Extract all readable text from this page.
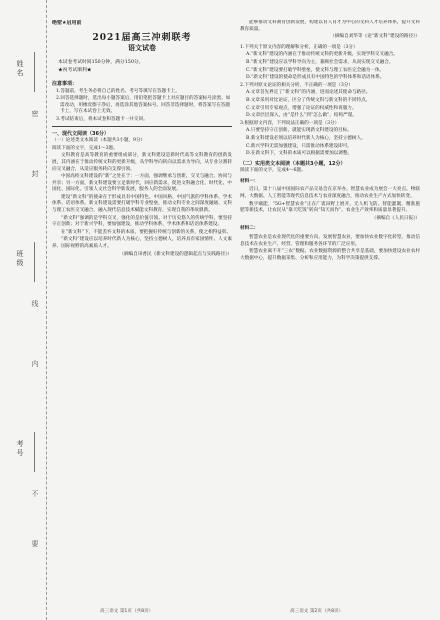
姓名
班级
考号
密
封
线
内
不
要
绝密★启用前
2021届高三冲刺联考
语文试卷
本试卷考试时间150分钟，满分150分。
★祝考试顺利★
注意事项：
1.答题前，考生务必将自己的姓名、考号等填写在答题卡上。
2.回答选择题时，选出每小题答案后，用铅笔把答题卡上对应题目的答案标号涂黑。如需改动，用橡皮擦干净后，再选涂其他答案标号。回答非选择题时，将答案写在答题卡上，写在本试卷上无效。
3.考试结束后，将本试卷和答题卡一并交回。
一、现代文阅读（36分）
（一）论述类文本阅读（本题共3小题，9分）
阅读下面的文字，完成1～3题。
文科教育是高等教育的重要组成部分，新文科建设是新时代高等文科教育的创新发展，其内涵在于推动传统文科的更新升级，从学科导向转向以需求为导向，从专业分割转向交叉融合，从适应服务转向支撑引领。
中国高校文科建设的“新”之处在于：一方面，强调继承与创新、交叉与融合、协同与共享；另一方面，新文科建设要立足新时代，回应新需求，促进文科融合化、时代化、中国化、国际化，引领人文社会科学新发展，服务人的全面发展。
建设“新文科”的使命在于形成具有中国特色、中国风格、中国气派的学科体系、学术体系、话语体系。新文科建设需要打破学科专业壁垒，推动文科专业之间深度融通、文科与理工农医交叉融合，融入现代信息技术赋能文科教育，实现自我的革故鼎新。
“新文科”强调的是学科交叉，强化的是价值引领。对于历史悠久的传统学科，要坚持守正创新；对于新兴学科，要加强建设，推动学科体系、学术体系和话语体系建设。
在“新文科”下，不能丢弃文科的本质，要把握好传统与创新的关系，使之相得益彰。
“新文科”建设应以培养时代新人为核心，坚持立德树人，培养具有家国情怀、人文素养、国际视野的高素质人才。
（摘编自田香民《新文科建设的逻辑起点与实践路径》）
能够推动文科教育创新发展，构建以育人育才为中心的文科人才培养体系，提升文科教育质量。
（摘编自刘华等《论“新文科”建设的路径》）
1.下列关于原文内容的理解和分析，正确的一项是（3分）
A.“新文科”建设的内涵在于推动传统文科的更新升级，实现学科交叉融合。
B.“新文科”建设应以学科导向为主，兼顾社会需求，从而实现交叉融合。
C.“新文科”建设要打破学科壁垒，使文科与理工农医完全融为一体。
D.“新文科”建设的使命是形成具有中国特色的学科体系和话语体系。
2.下列对原文论证的相关分析，不正确的一项是（3分）
A.文章首先界定了“新文科”的内涵，进而论述其使命与路径。
B.文章采用对比论证，区分了传统文科与新文科的不同特点。
C.文章引用专家观点，增强了论证的权威性和说服力。
D.文章层层深入，由“是什么”到“怎么做”，结构严谨。
3.根据原文内容，下列说法正确的一项是（3分）
A.只要坚持守正创新，就能实现新文科建设的目标。
B.新文科建设必须以培养时代新人为核心，坚持立德树人。
C.新兴学科无需加强建设，只需推动体系建设即可。
D.在新文科下，文科的本质可以根据需要加以调整。
（二）实用类文本阅读（本题共3小题，12分）
阅读下面的文字，完成4～6题。
材料一：
近日，第十八届中国国际农产品交易会在京举办。智慧农业成为展会一大亮点。物联网、大数据、人工智能等现代信息技术与农业深度融合，推动农业生产方式加快转变。
数字赋能，“5G+智慧农业”正在广袤田野上展开。无人机飞防、智能灌溉、精准施肥等新技术，让农民从“靠天吃饭”转向“知天而作”，农业生产效率和质量显著提升。
（摘编自《人民日报》）
材料二：
智慧农业是农业现代化的重要方向。发展智慧农业，要加快农业数字化转型，推动信息技术在农业生产、经营、管理和服务各环节的广泛应用。
智慧农业离不开“三农”数据。农业数据资源的整合共享是基础，要加快建设农业农村大数据中心，提升数据采集、分析和应用能力，为科学决策提供支撑。
高三语文 第1页（共8页）	高三语文 第2页（共8页）
